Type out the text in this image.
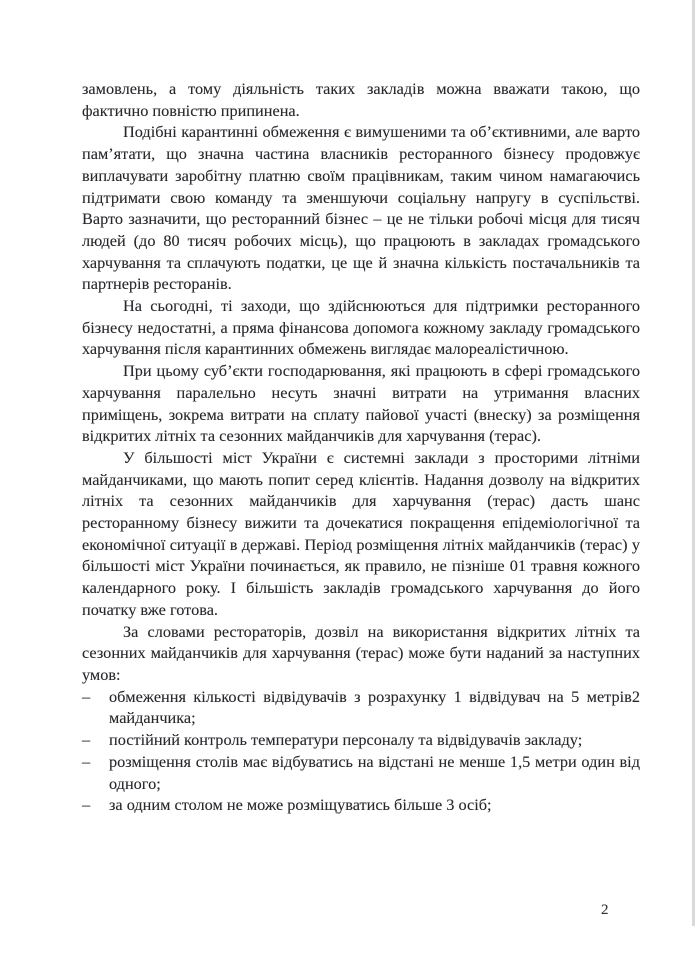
замовлень, а тому діяльність таких закладів можна вважати такою, що фактично повністю припинена.

Подібні карантинні обмеження є вимушеними та об’єктивними, але варто пам’ятати, що значна частина власників ресторанного бізнесу продовжує виплачувати заробітну платню своїм працівникам, таким чином намагаючись підтримати свою команду та зменшуючи соціальну напругу в суспільстві. Варто зазначити, що ресторанний бізнес – це не тільки робочі місця для тисяч людей (до 80 тисяч робочих місць), що працюють в закладах громадського харчування та сплачують податки, це ще й значна кількість постачальників та партнерів ресторанів.

На сьогодні, ті заходи, що здійснюються для підтримки ресторанного бізнесу недостатні, а пряма фінансова допомога кожному закладу громадського харчування після карантинних обмежень виглядає малореалістичною.

При цьому суб’єкти господарювання, які працюють в сфері громадського харчування паралельно несуть значні витрати на утримання власних приміщень, зокрема витрати на сплату пайової участі (внеску) за розміщення відкритих літніх та сезонних майданчиків для харчування (терас).

У більшості міст України є системні заклади з просторими літніми майданчиками, що мають попит серед клієнтів. Надання дозволу на відкритих літніх та сезонних майданчиків для харчування (терас) дасть шанс ресторанному бізнесу вижити та дочекатися покращення епідеміологічної та економічної ситуації в державі. Період розміщення літніх майданчиків (терас) у більшості міст України починається, як правило, не пізніше 01 травня кожного календарного року. І більшість закладів громадського харчування до його початку вже готова.

За словами рестораторів, дозвіл на використання відкритих літніх та сезонних майданчиків для харчування (терас) може бути наданий за наступних умов:

–	обмеження кількості відвідувачів з розрахунку 1 відвідувач на 5 метрів2 майданчика;
–	постійний контроль температури персоналу та відвідувачів закладу;
–	розміщення столів має відбуватись на відстані не менше 1,5 метри один від одного;
–	за одним столом не може розміщуватись більше 3 осіб;
2
